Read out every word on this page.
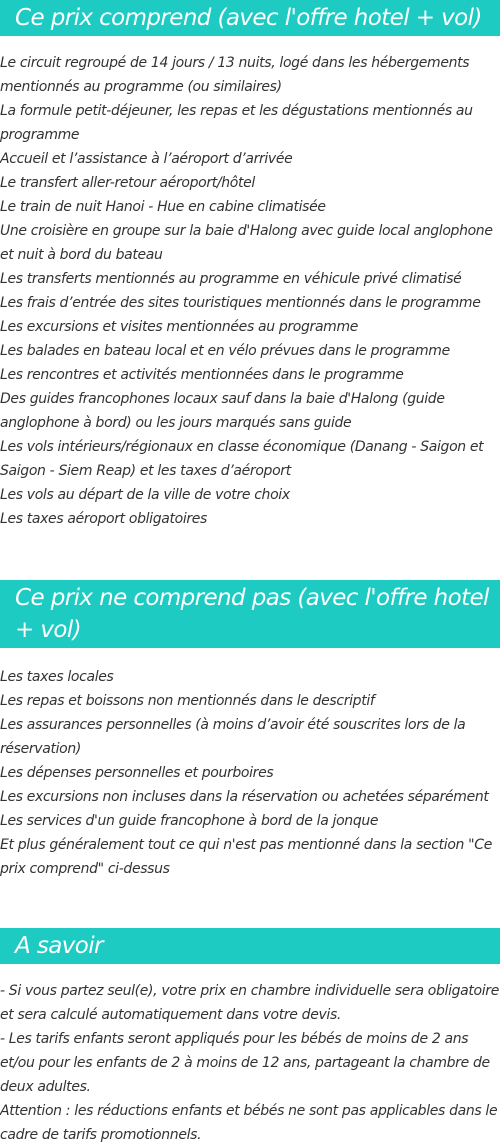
Ce prix comprend (avec l'offre hotel + vol)
Le circuit regroupé de 14 jours / 13 nuits, logé dans les hébergements mentionnés au programme (ou similaires)
La formule petit-déjeuner, les repas et les dégustations mentionnés au programme
Accueil et l’assistance à l’aéroport d’arrivée
Le transfert aller-retour aéroport/hôtel
Le train de nuit Hanoi - Hue en cabine climatisée
Une croisière en groupe sur la baie d'Halong avec guide local anglophone et nuit à bord du bateau
Les transferts mentionnés au programme en véhicule privé climatisé
Les frais d’entrée des sites touristiques mentionnés dans le programme
Les excursions et visites mentionnées au programme
Les balades en bateau local et en vélo prévues dans le programme
Les rencontres et activités mentionnées dans le programme
Des guides francophones locaux sauf dans la baie d'Halong (guide anglophone à bord) ou les jours marqués sans guide
Les vols intérieurs/régionaux en classe économique (Danang - Saigon et Saigon - Siem Reap) et les taxes d’aéroport
Les vols au départ de la ville de votre choix
Les taxes aéroport obligatoires
Ce prix ne comprend pas (avec l'offre hotel + vol)
Les taxes locales
Les repas et boissons non mentionnés dans le descriptif
Les assurances personnelles (à moins d’avoir été souscrites lors de la réservation)
Les dépenses personnelles et pourboires
Les excursions non incluses dans la réservation ou achetées séparément
Les services d'un guide francophone à bord de la jonque
Et plus généralement tout ce qui n'est pas mentionné dans la section "Ce prix comprend" ci-dessus
A savoir
- Si vous partez seul(e), votre prix en chambre individuelle sera obligatoire et sera calculé automatiquement dans votre devis.
- Les tarifs enfants seront appliqués pour les bébés de moins de 2 ans et/ou pour les enfants de 2 à moins de 12 ans, partageant la chambre de deux adultes.
Attention : les réductions enfants et bébés ne sont pas applicables dans le cadre de tarifs promotionnels.
